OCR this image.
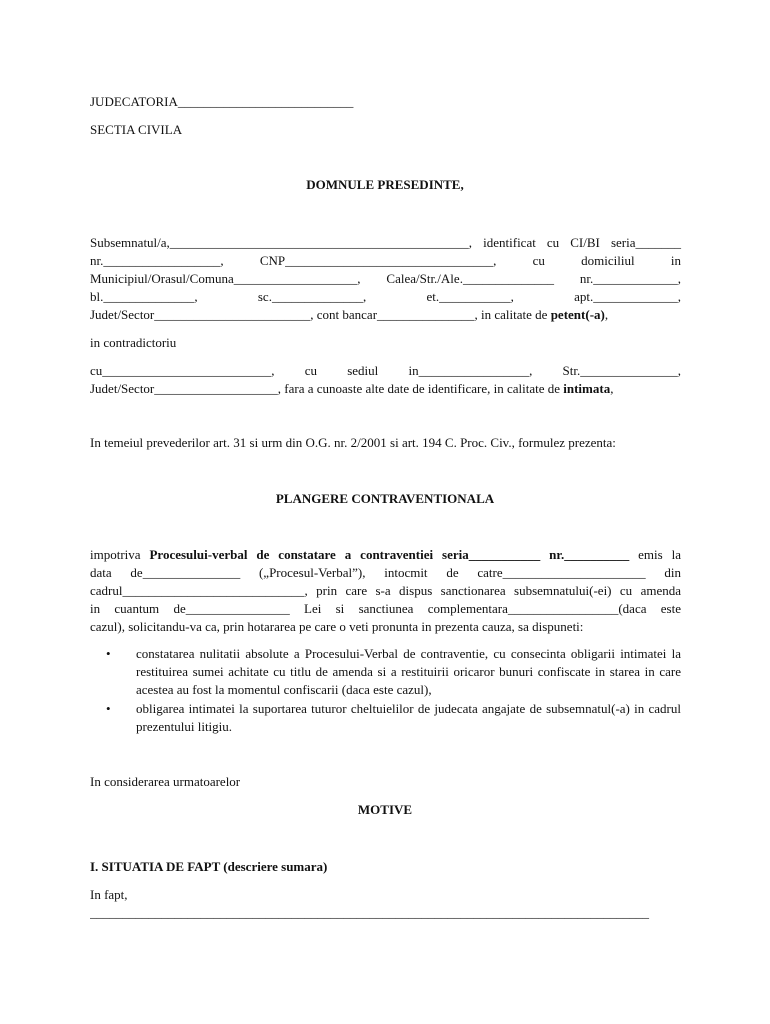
JUDECATORIA___________________________
SECTIA CIVILA
DOMNULE PRESEDINTE,
Subsemnatul/a,______________________________________________, identificat cu CI/BI seria_______
nr.__________________, CNP________________________________, cu domiciliul in
Municipiul/Orasul/Comuna___________________, Calea/Str./Ale.______________ nr._____________,
bl.______________, sc.______________, et.___________, apt._____________,
Judet/Sector________________________, cont bancar_______________, in calitate de petent(-a),
in contradictoriu
cu__________________________, cu sediul in_________________, Str._______________,
Judet/Sector___________________, fara a cunoaste alte date de identificare, in calitate de intimata,
In temeiul prevederilor art. 31 si urm din O.G. nr. 2/2001 si art. 194 C. Proc. Civ., formulez prezenta:
PLANGERE CONTRAVENTIONALA
impotriva Procesului-verbal de constatare a contraventiei seria___________ nr.__________ emis la
data de_______________ („Procesul-Verbal”), intocmit de catre______________________ din
cadrul____________________________, prin care s-a dispus sanctionarea subsemnatului(-ei) cu amenda
in cuantum de________________ Lei si sanctiunea complementara_________________(daca este
cazul), solicitandu-va ca, prin hotararea pe care o veti pronunta in prezenta cauza, sa dispuneti:
• constatarea nulitatii absolute a Procesului-Verbal de contraventie, cu consecinta obligarii intimatei la restituirea sumei achitate cu titlu de amenda si a restituirii oricaror bunuri confiscate in starea in care acestea au fost la momentul confiscarii (daca este cazul),
• obligarea intimatei la suportarea tuturor cheltuielilor de judecata angajate de subsemnatul(-a) in cadrul prezentului litigiu.
In considerarea urmatoarelor
MOTIVE
I. SITUATIA DE FAPT (descriere sumara)
In fapt,
______________________________________________________________________________________
